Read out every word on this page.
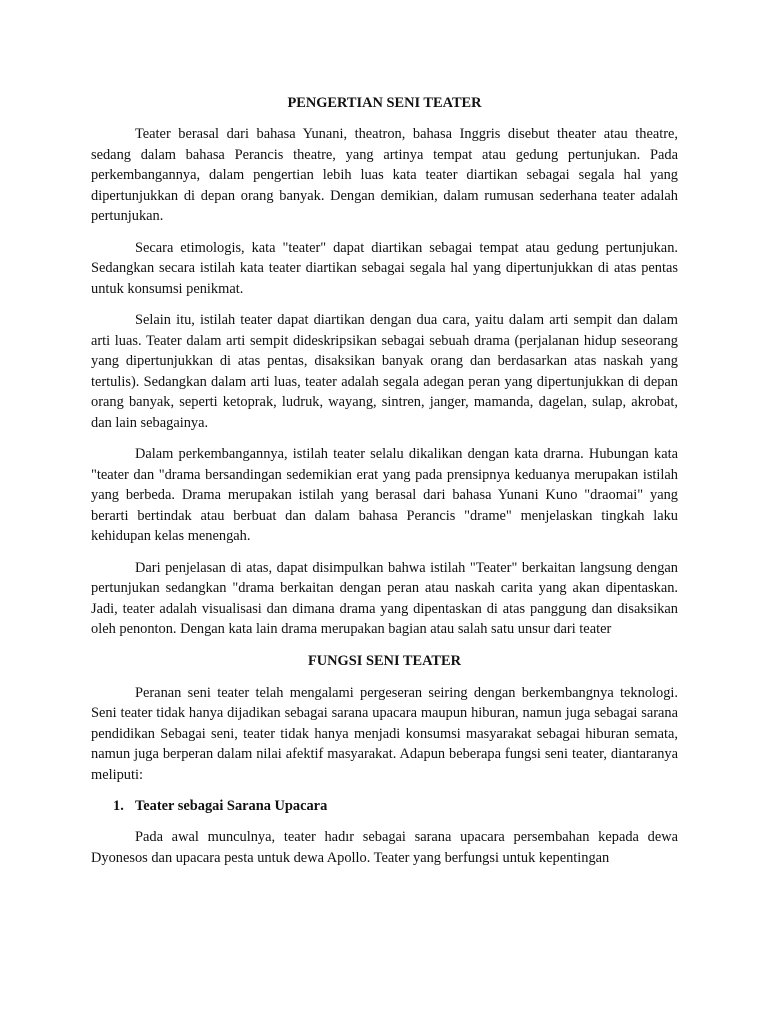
PENGERTIAN SENI TEATER

Teater berasal dari bahasa Yunani, theatron, bahasa Inggris disebut theater atau theatre, sedang dalam bahasa Perancis theatre, yang artinya tempat atau gedung pertunjukan. Pada perkembangannya, dalam pengertian lebih luas kata teater diartikan sebagai segala hal yang dipertunjukkan di depan orang banyak. Dengan demikian, dalam rumusan sederhana teater adalah pertunjukan.

Secara etimologis, kata "teater" dapat diartikan sebagai tempat atau gedung pertunjukan. Sedangkan secara istilah kata teater diartikan sebagai segala hal yang dipertunjukkan di atas pentas untuk konsumsi penikmat.

Selain itu, istilah teater dapat diartikan dengan dua cara, yaitu dalam arti sempit dan dalam arti luas. Teater dalam arti sempit dideskripsikan sebagai sebuah drama (perjalanan hidup seseorang yang dipertunjukkan di atas pentas, disaksikan banyak orang dan berdasarkan atas naskah yang tertulis). Sedangkan dalam arti luas, teater adalah segala adegan peran yang dipertunjukkan di depan orang banyak, seperti ketoprak, ludruk, wayang, sintren, janger, mamanda, dagelan, sulap, akrobat, dan lain sebagainya.

Dalam perkembangannya, istilah teater selalu dikalikan dengan kata drarna. Hubungan kata "teater dan "drama bersandingan sedemikian erat yang pada prensipnya keduanya merupakan istilah yang berbeda. Drama merupakan istilah yang berasal dari bahasa Yunani Kuno "draomai" yang berarti bertindak atau berbuat dan dalam bahasa Perancis "drame" menjelaskan tingkah laku kehidupan kelas menengah.

Dari penjelasan di atas, dapat disimpulkan bahwa istilah "Teater" berkaitan langsung dengan pertunjukan sedangkan "drama berkaitan dengan peran atau naskah carita yang akan dipentaskan. Jadi, teater adalah visualisasi dan dimana drama yang dipentaskan di atas panggung dan disaksikan oleh penonton. Dengan kata lain drama merupakan bagian atau salah satu unsur dari teater

FUNGSI SENI TEATER

Peranan seni teater telah mengalami pergeseran seiring dengan berkembangnya teknologi. Seni teater tidak hanya dijadikan sebagai sarana upacara maupun hiburan, namun juga sebagai sarana pendidikan Sebagai seni, teater tidak hanya menjadi konsumsi masyarakat sebagai hiburan semata, namun juga berperan dalam nilai afektif masyarakat. Adapun beberapa fungsi seni teater, diantaranya meliputi:

1. Teater sebagai Sarana Upacara

Pada awal munculnya, teater hadır sebagai sarana upacara persembahan kepada dewa Dyonesos dan upacara pesta untuk dewa Apollo. Teater yang berfungsi untuk kepentingan
